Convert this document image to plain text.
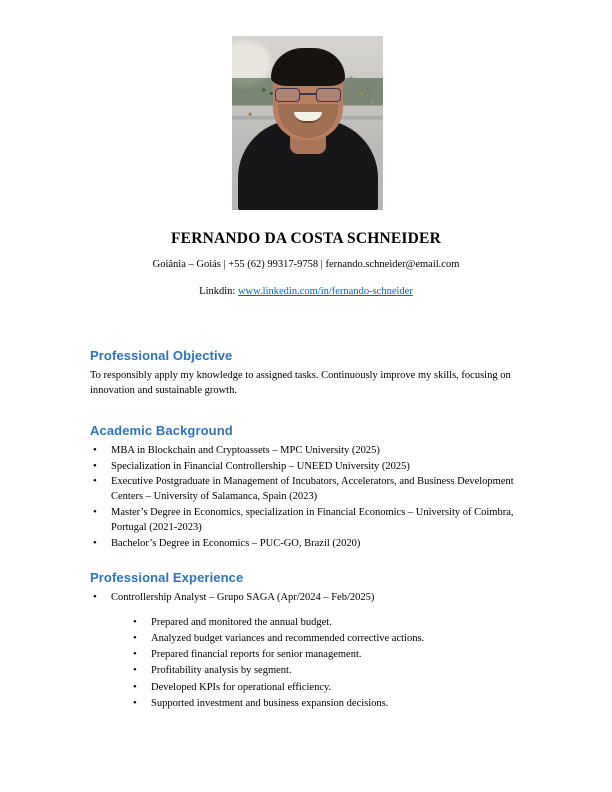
FERNANDO DA COSTA SCHNEIDER
Goiânia – Goiás | +55 (62) 99317-9758 | fernando.schneider@email.com
Linkdin: www.linkedin.com/in/fernando-schneider
Professional Objective

To responsibly apply my knowledge to assigned tasks. Continuously improve my skills, focusing on innovation and sustainable growth.

Academic Background
• MBA in Blockchain and Cryptoassets – MPC University (2025)
• Specialization in Financial Controllership – UNEED University (2025)
• Executive Postgraduate in Management of Incubators, Accelerators, and Business Development Centers – University of Salamanca, Spain (2023)
• Master’s Degree in Economics, specialization in Financial Economics – University of Coimbra, Portugal (2021-2023)
• Bachelor’s Degree in Economics – PUC-GO, Brazil (2020)
Professional Experience
• Controllership Analyst – Grupo SAGA (Apr/2024 – Feb/2025)
• Prepared and monitored the annual budget.
• Analyzed budget variances and recommended corrective actions.
• Prepared financial reports for senior management.
• Profitability analysis by segment.
• Developed KPIs for operational efficiency.
• Supported investment and business expansion decisions.
